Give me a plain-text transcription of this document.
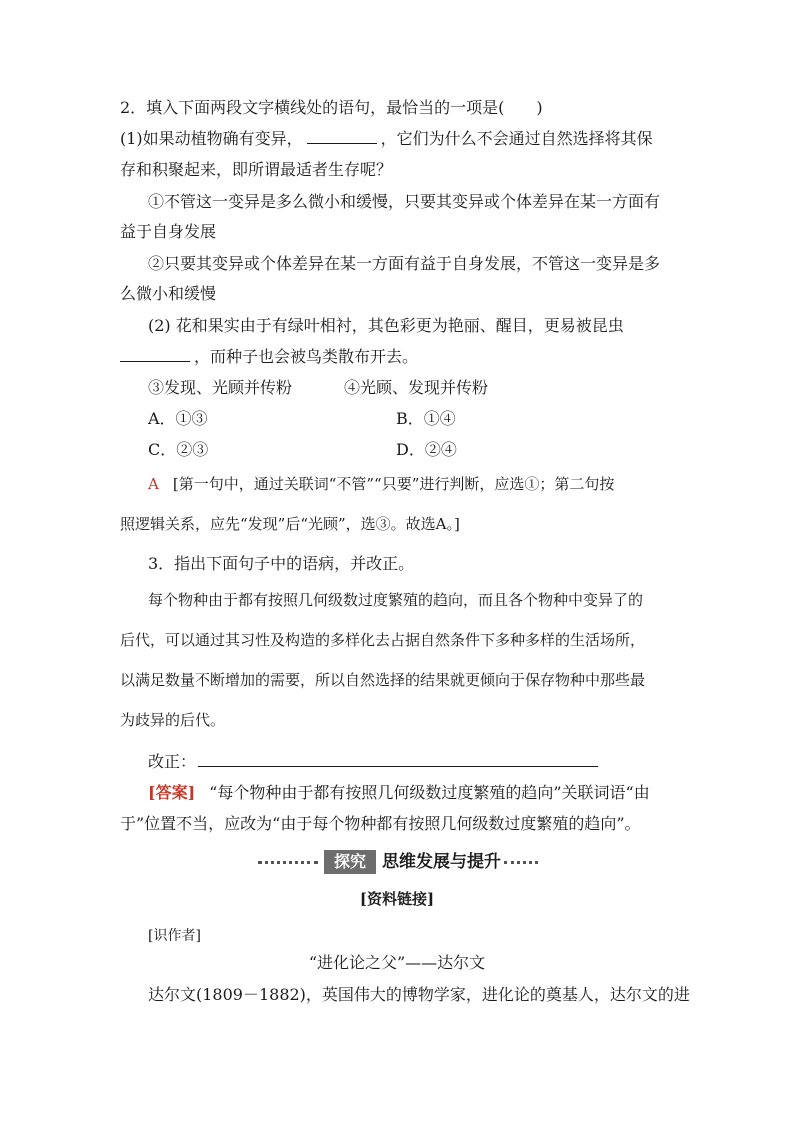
2．填入下面两段文字横线处的语句，最恰当的一项是(　　)
(1)如果动植物确有变异，	，它们为什么不会通过自然选择将其保
存和积聚起来，即所谓最适者生存呢？
①不管这一变异是多么微小和缓慢，只要其变异或个体差异在某一方面有
益于自身发展
②只要其变异或个体差异在某一方面有益于自身发展，不管这一变异是多
么微小和缓慢
(2) 花和果实由于有绿叶相衬，其色彩更为艳丽、醒目，更易被昆虫
，而种子也会被鸟类散布开去。
③发现、光顾并传粉	④光顾、发现并传粉
A．①③	B．①④
C．②③	D．②④
A [第一句中，通过关联词“不管”“只要”进行判断，应选①；第二句按
照逻辑关系，应先“发现”后“光顾”，选③。故选A。]
3．指出下面句子中的语病，并改正。
每个物种由于都有按照几何级数过度繁殖的趋向，而且各个物种中变异了的
后代，可以通过其习性及构造的多样化去占据自然条件下多种多样的生活场所，
以满足数量不断增加的需要，所以自然选择的结果就更倾向于保存物种中那些最
为歧异的后代。
改正：
[答案] “每个物种由于都有按照几何级数过度繁殖的趋向”关联词语“由
于”位置不当，应改为“由于每个物种都有按照几何级数过度繁殖的趋向”。
探究 思维发展与提升
[资料链接]
[识作者]
“进化论之父”——达尔文
达尔文(1809－1882)，英国伟大的博物学家，进化论的奠基人，达尔文的进
